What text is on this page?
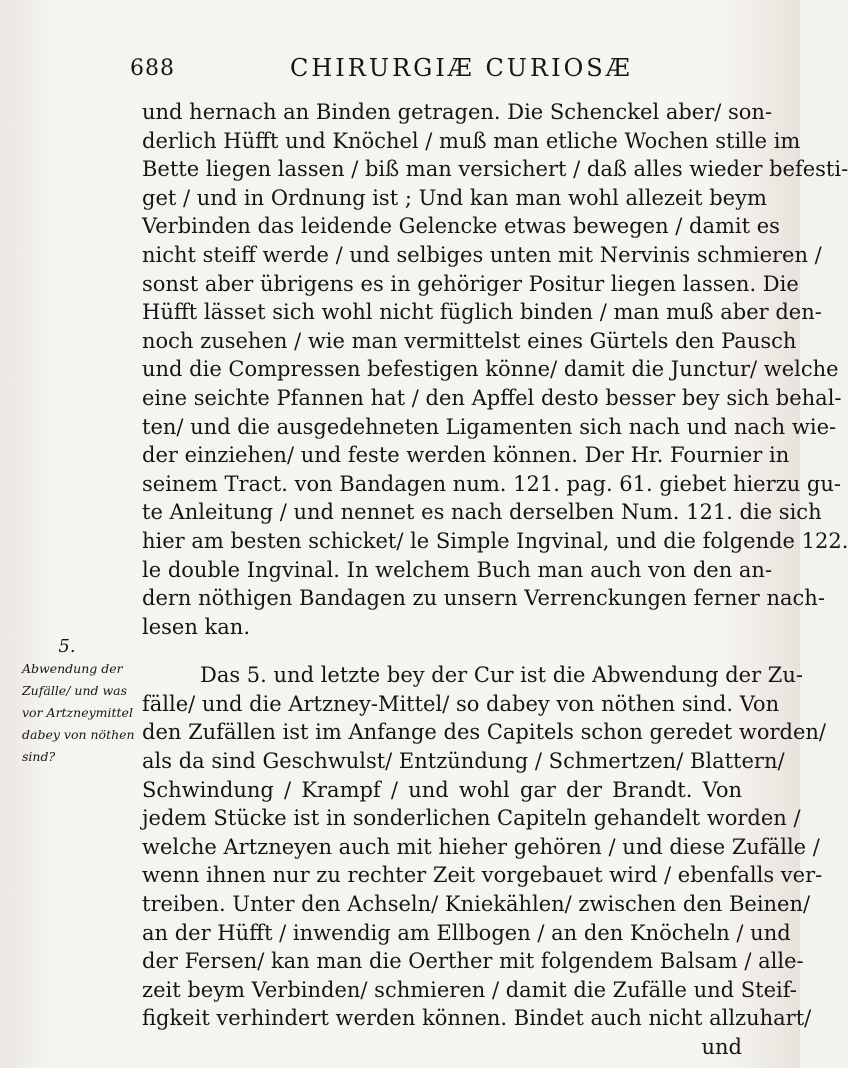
688	CHIRURGIÆ CURIOSÆ
und hernach an Binden getragen. Die Schenckel aber/ son-
derlich Hüfft und Knöchel / muß man etliche Wochen stille im
Bette liegen lassen / biß man versichert / daß alles wieder befesti-
get / und in Ordnung ist ; Und kan man wohl allezeit beym
Verbinden das leidende Gelencke etwas bewegen / damit es
nicht steiff werde / und selbiges unten mit Nervinis schmieren /
sonst aber übrigens es in gehöriger Positur liegen lassen. Die
Hüfft lässet sich wohl nicht füglich binden / man muß aber den-
noch zusehen / wie man vermittelst eines Gürtels den Pausch
und die Compressen befestigen könne/ damit die Junctur/ welche
eine seichte Pfannen hat / den Apffel desto besser bey sich behal-
ten/ und die ausgedehneten Ligamenten sich nach und nach wie-
der einziehen/ und feste werden können. Der Hr. Fournier in
seinem Tract. von Bandagen num. 121. pag. 61. giebet hierzu gu-
te Anleitung / und nennet es nach derselben Num. 121. die sich
hier am besten schicket/ le Simple Ingvinal, und die folgende 122.
le double Ingvinal. In welchem Buch man auch von den an-
dern nöthigen Bandagen zu unsern Verrenckungen ferner nach-
lesen kan.
Das 5. und letzte bey der Cur ist die Abwendung der Zu-
fälle/ und die Artzney-Mittel/ so dabey von nöthen sind. Von
den Zufällen ist im Anfange des Capitels schon geredet worden/
als da sind Geschwulst/ Entzündung / Schmertzen/ Blattern/
Schwindung / Krampf / und wohl gar der Brandt. Von
jedem Stücke ist in sonderlichen Capiteln gehandelt worden /
welche Artzneyen auch mit hieher gehören / und diese Zufälle /
wenn ihnen nur zu rechter Zeit vorgebauet wird / ebenfalls ver-
treiben. Unter den Achseln/ Kniekählen/ zwischen den Beinen/
an der Hüfft / inwendig am Ellbogen / an den Knöcheln / und
der Fersen/ kan man die Oerther mit folgendem Balsam / alle-
zeit beym Verbinden/ schmieren / damit die Zufälle und Steif-
figkeit verhindert werden können. Bindet auch nicht allzuhart/
und
5.
Abwendung der
Zufälle/ und was
vor Artzneymittel
dabey von nöthen
sind?
